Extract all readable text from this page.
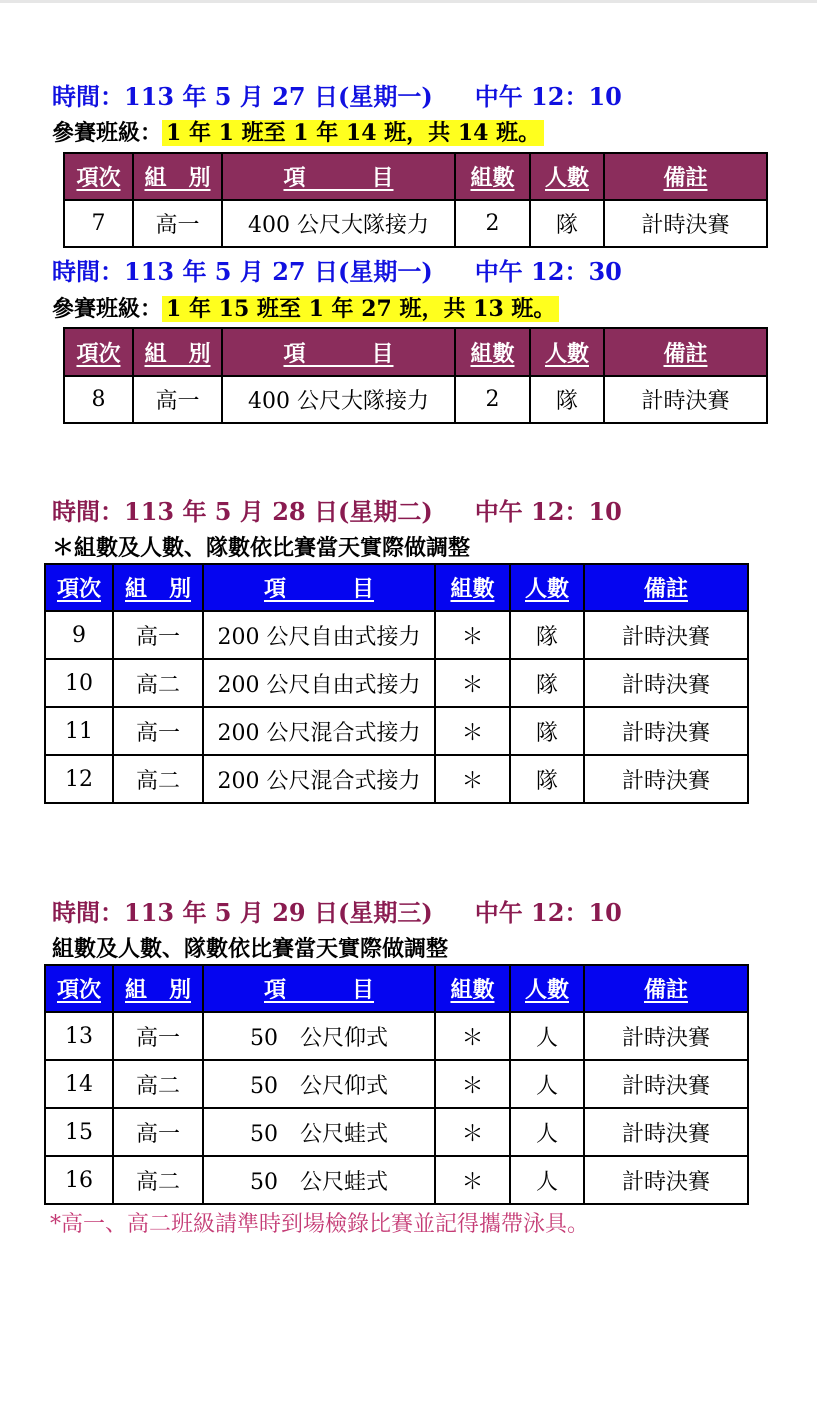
時間：113 年 5 月 27 日(星期一) 中午 12：10
參賽班級： 1 年 1 班至 1 年 14 班，共 14 班。
項次	組　別	項　　　目	組數	人數	備註
7	高一	400 公尺大隊接力	2	隊	計時決賽
時間：113 年 5 月 27 日(星期一) 中午 12：30
參賽班級： 1 年 15 班至 1 年 27 班，共 13 班。
項次	組　別	項　　　目	組數	人數	備註
8	高一	400 公尺大隊接力	2	隊	計時決賽
時間：113 年 5 月 28 日(星期二) 中午 12：10
＊組數及人數、隊數依比賽當天實際做調整
項次	組　別	項　　　目	組數	人數	備註
9	高一	200 公尺自由式接力	＊	隊	計時決賽
10	高二	200 公尺自由式接力	＊	隊	計時決賽
11	高一	200 公尺混合式接力	＊	隊	計時決賽
12	高二	200 公尺混合式接力	＊	隊	計時決賽
時間：113 年 5 月 29 日(星期三) 中午 12：10
組數及人數、隊數依比賽當天實際做調整
項次	組　別	項　　　目	組數	人數	備註
13	高一	50　公尺仰式	＊	人	計時決賽
14	高二	50　公尺仰式	＊	人	計時決賽
15	高一	50　公尺蛙式	＊	人	計時決賽
16	高二	50　公尺蛙式	＊	人	計時決賽
*高一、高二班級請準時到場檢錄比賽並記得攜帶泳具。
